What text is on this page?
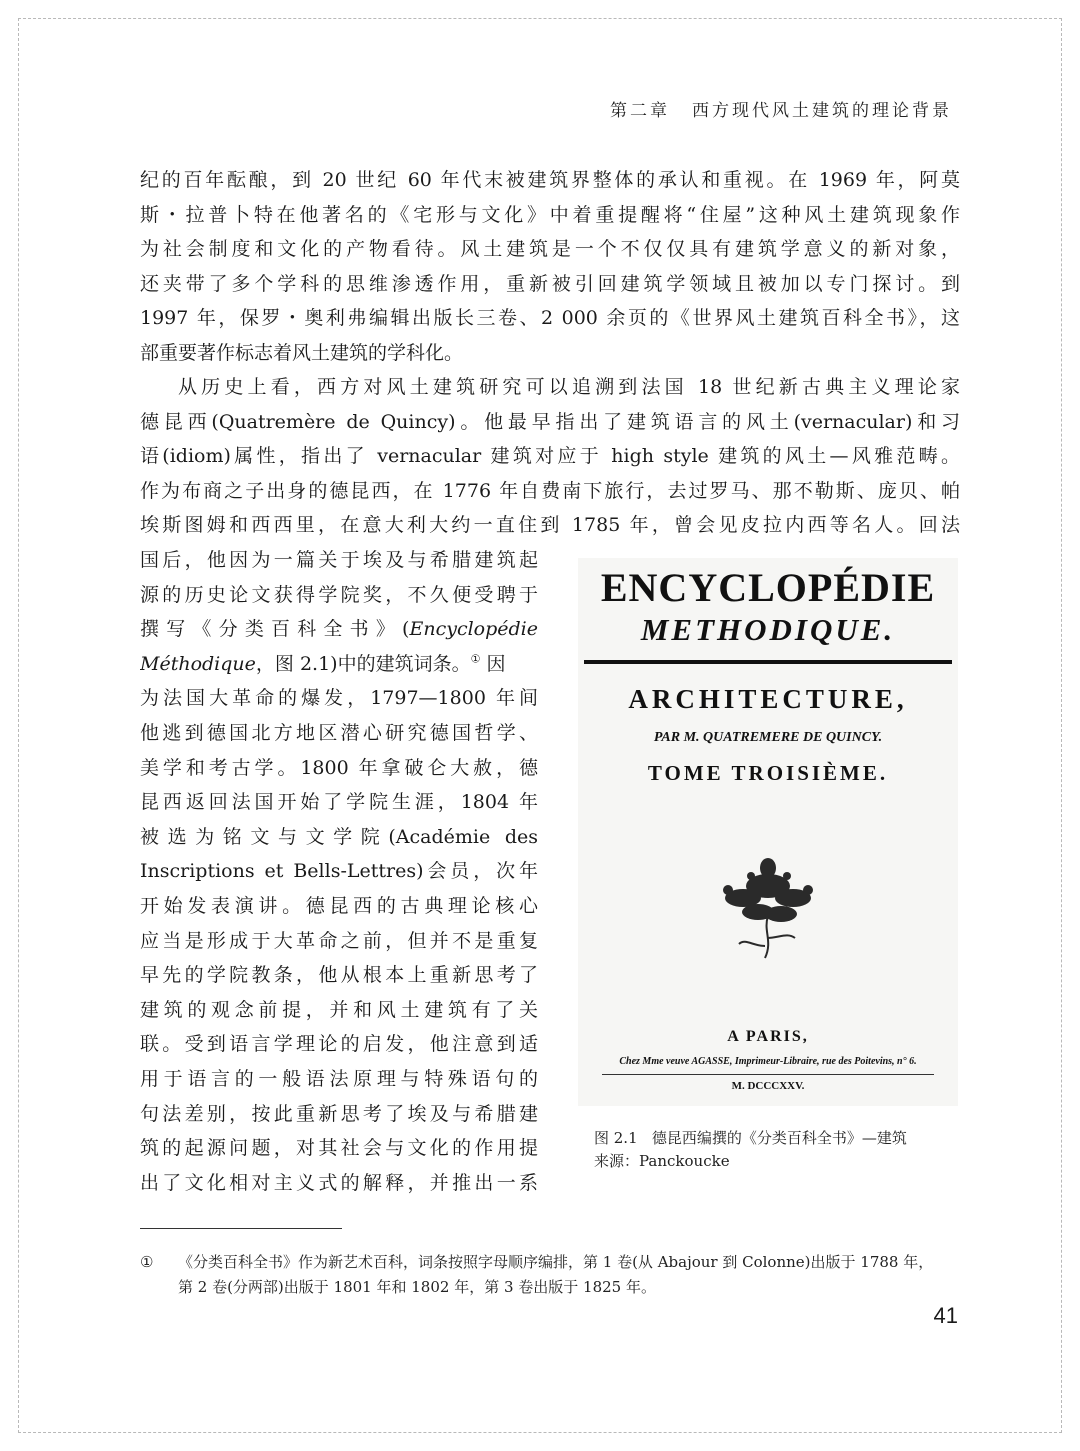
第二章 西方现代风土建筑的理论背景
纪的百年酝酿，到 20 世纪 60 年代末被建筑界整体的承认和重视。在 1969 年，阿莫
斯・拉普卜特在他著名的《宅形与文化》中着重提醒将“住屋”这种风土建筑现象作
为社会制度和文化的产物看待。风土建筑是一个不仅仅具有建筑学意义的新对象，
还夹带了多个学科的思维渗透作用，重新被引回建筑学领域且被加以专门探讨。到
1997 年，保罗・奥利弗编辑出版长三卷、2 000 余页的《世界风土建筑百科全书》，这
部重要著作标志着风土建筑的学科化。
从历史上看，西方对风土建筑研究可以追溯到法国 18 世纪新古典主义理论家
德昆西(Quatremère de Quincy)。他最早指出了建筑语言的风土(vernacular)和习
语(idiom)属性，指出了 vernacular 建筑对应于 high style 建筑的风土—风雅范畴。
作为布商之子出身的德昆西，在 1776 年自费南下旅行，去过罗马、那不勒斯、庞贝、帕
埃斯图姆和西西里，在意大利大约一直住到 1785 年，曾会见皮拉内西等名人。回法
国后，他因为一篇关于埃及与希腊建筑起
源的历史论文获得学院奖，不久便受聘于
撰写《分类百科全书》(Encyclopédie
Méthodique，图 2.1)中的建筑词条。① 因
为法国大革命的爆发，1797—1800 年间
他逃到德国北方地区潜心研究德国哲学、
美学和考古学。1800 年拿破仑大赦，德
昆西返回法国开始了学院生涯，1804 年
被选为铭文与文学院(Académie des
Inscriptions et Bells-Lettres)会员，次年
开始发表演讲。德昆西的古典理论核心
应当是形成于大革命之前，但并不是重复
早先的学院教条，他从根本上重新思考了
建筑的观念前提，并和风土建筑有了关
联。受到语言学理论的启发，他注意到适
用于语言的一般语法原理与特殊语句的
句法差别，按此重新思考了埃及与希腊建
筑的起源问题，对其社会与文化的作用提
出了文化相对主义式的解释，并推出一系
ENCYCLOPÉDIE
METHODIQUE.
ARCHITECTURE,
PAR M. QUATREMERE DE QUINCY.
TOME TROISIÈME.
A PARIS,
Chez Mme veuve AGASSE, Imprimeur-Libraire, rue des Poitevins, n° 6.
M. DCCCXXV.
图 2.1   德昆西编撰的《分类百科全书》—建筑
来源：Panckoucke
① 《分类百科全书》作为新艺术百科，词条按照字母顺序编排，第 1 卷(从 Abajour 到 Colonne)出版于 1788 年，
第 2 卷(分两部)出版于 1801 年和 1802 年，第 3 卷出版于 1825 年。
41
